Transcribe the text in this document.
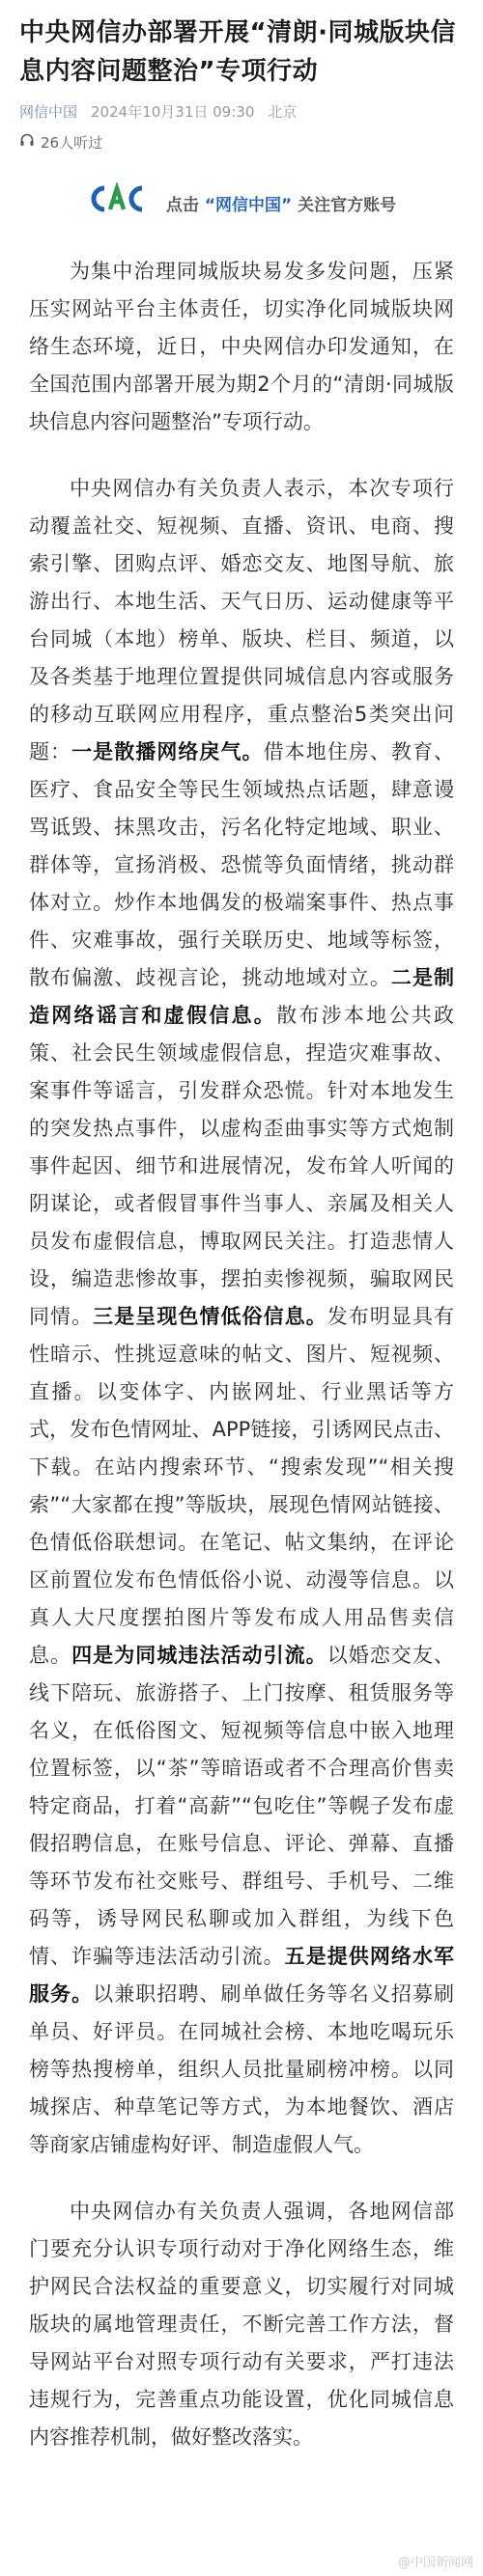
中央网信办部署开展“清朗·同城版块信息内容问题整治”专项行动
网信中国 2024年10月31日 09:30 北京
26人听过
点击 “网信中国” 关注官方账号

为集中治理同城版块易发多发问题，压紧压实网站平台主体责任，切实净化同城版块网络生态环境，近日，中央网信办印发通知，在全国范围内部署开展为期2个月的“清朗·同城版块信息内容问题整治”专项行动。

中央网信办有关负责人表示，本次专项行动覆盖社交、短视频、直播、资讯、电商、搜索引擎、团购点评、婚恋交友、地图导航、旅游出行、本地生活、天气日历、运动健康等平台同城（本地）榜单、版块、栏目、频道，以及各类基于地理位置提供同城信息内容或服务的移动互联网应用程序，重点整治5类突出问题：一是散播网络戾气。借本地住房、教育、医疗、食品安全等民生领域热点话题，肆意谩骂诋毁、抹黑攻击，污名化特定地域、职业、群体等，宣扬消极、恐慌等负面情绪，挑动群体对立。炒作本地偶发的极端案事件、热点事件、灾难事故，强行关联历史、地域等标签，散布偏激、歧视言论，挑动地域对立。二是制造网络谣言和虚假信息。散布涉本地公共政策、社会民生领域虚假信息，捏造灾难事故、案事件等谣言，引发群众恐慌。针对本地发生的突发热点事件，以虚构歪曲事实等方式炮制事件起因、细节和进展情况，发布耸人听闻的阴谋论，或者假冒事件当事人、亲属及相关人员发布虚假信息，博取网民关注。打造悲情人设，编造悲惨故事，摆拍卖惨视频，骗取网民同情。三是呈现色情低俗信息。发布明显具有性暗示、性挑逗意味的帖文、图片、短视频、直播。以变体字、内嵌网址、行业黑话等方式，发布色情网址、APP链接，引诱网民点击、下载。在站内搜索环节、“搜索发现”“相关搜索”“大家都在搜”等版块，展现色情网站链接、色情低俗联想词。在笔记、帖文集纳，在评论区前置位发布色情低俗小说、动漫等信息。以真人大尺度摆拍图片等发布成人用品售卖信息。四是为同城违法活动引流。以婚恋交友、线下陪玩、旅游搭子、上门按摩、租赁服务等名义，在低俗图文、短视频等信息中嵌入地理位置标签，以“茶”等暗语或者不合理高价售卖特定商品，打着“高薪”“包吃住”等幌子发布虚假招聘信息，在账号信息、评论、弹幕、直播等环节发布社交账号、群组号、手机号、二维码等，诱导网民私聊或加入群组，为线下色情、诈骗等违法活动引流。五是提供网络水军服务。以兼职招聘、刷单做任务等名义招募刷单员、好评员。在同城社会榜、本地吃喝玩乐榜等热搜榜单，组织人员批量刷榜冲榜。以同城探店、种草笔记等方式，为本地餐饮、酒店等商家店铺虚构好评、制造虚假人气。

中央网信办有关负责人强调，各地网信部门要充分认识专项行动对于净化网络生态，维护网民合法权益的重要意义，切实履行对同城版块的属地管理责任，不断完善工作方法，督导网站平台对照专项行动有关要求，严打违法违规行为，完善重点功能设置，优化同城信息内容推荐机制，做好整改落实。

@中国新闻网
